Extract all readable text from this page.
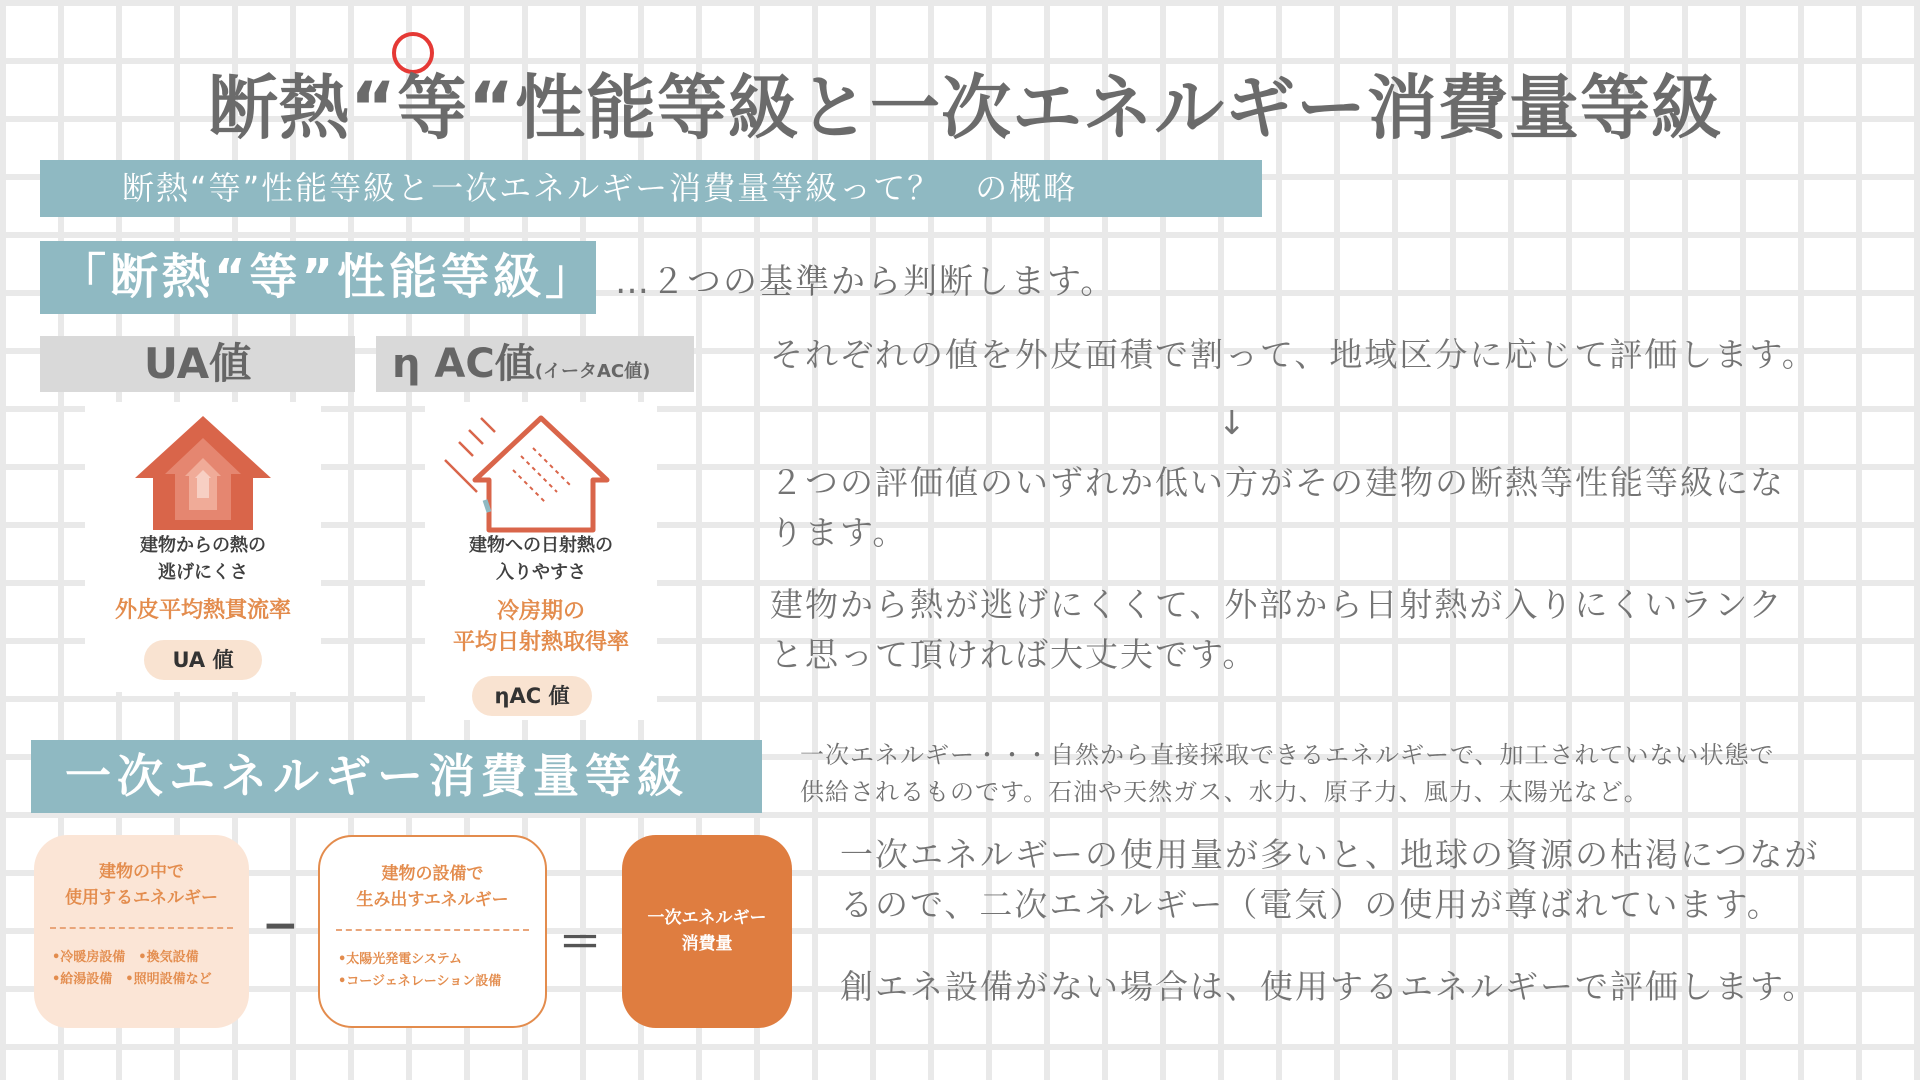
断熱“等“性能等級と一次エネルギー消費量等級
断熱“等”性能等級と一次エネルギー消費量等級って？　の概略
「断熱“等”性能等級」 …２つの基準から判断します。
UA値	η AC値(イータAC値)
建物からの熱の
逃げにくさ
外皮平均熱貫流率
UA 値
建物への日射熱の
入りやすさ
冷房期の
平均日射熱取得率
ηAC 値
それぞれの値を外皮面積で割って、地域区分に応じて評価します。
↓
２つの評価値のいずれか低い方がその建物の断熱等性能等級にな
ります。
建物から熱が逃げにくくて、外部から日射熱が入りにくいランク
と思って頂ければ大丈夫です。
一次エネルギー消費量等級	一次エネルギー・・・自然から直接採取できるエネルギーで、加工されていない状態で
供給されるものです。石油や天然ガス、水力、原子力、風力、太陽光など。
一次エネルギーの使用量が多いと、地球の資源の枯渇につなが
るので、二次エネルギー（電気）の使用が尊ばれています。
創エネ設備がない場合は、使用するエネルギーで評価します。
建物の中で
使用するエネルギー
•冷暖房設備　•換気設備
•給湯設備　•照明設備など
−
建物の設備で
生み出すエネルギー
•太陽光発電システム
•コージェネレーション設備
＝	一次エネルギー
消費量
